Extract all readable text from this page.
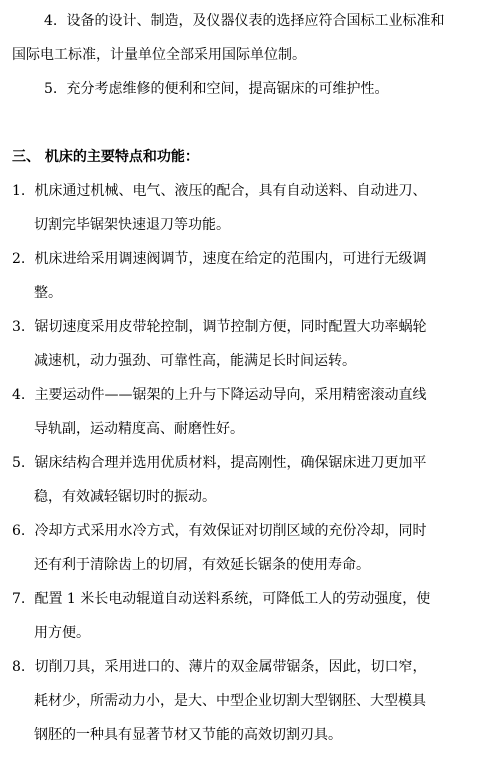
4. 设备的设计、制造，及仪器仪表的选择应符合国标工业标准和
国际电工标准，计量单位全部采用国际单位制。
5. 充分考虑维修的便利和空间，提高锯床的可维护性。
三、 机床的主要特点和功能：
1. 机床通过机械、电气、液压的配合，具有自动送料、自动进刀、
切割完毕锯架快速退刀等功能。
2. 机床进给采用调速阀调节，速度在给定的范围内，可进行无级调
整。
3. 锯切速度采用皮带轮控制，调节控制方便，同时配置大功率蜗轮
减速机，动力强劲、可靠性高，能满足长时间运转。
4. 主要运动件——锯架的上升与下降运动导向，采用精密滚动直线
导轨副，运动精度高、耐磨性好。
5. 锯床结构合理并选用优质材料，提高刚性，确保锯床进刀更加平
稳，有效减轻锯切时的振动。
6. 冷却方式采用水冷方式，有效保证对切削区域的充份冷却，同时
还有利于清除齿上的切屑，有效延长锯条的使用寿命。
7. 配置 1 米长电动辊道自动送料系统，可降低工人的劳动强度，使
用方便。
8. 切削刀具，采用进口的、薄片的双金属带锯条，因此，切口窄，
耗材少，所需动力小，是大、中型企业切割大型钢胚、大型模具
钢胚的一种具有显著节材又节能的高效切割刃具。
